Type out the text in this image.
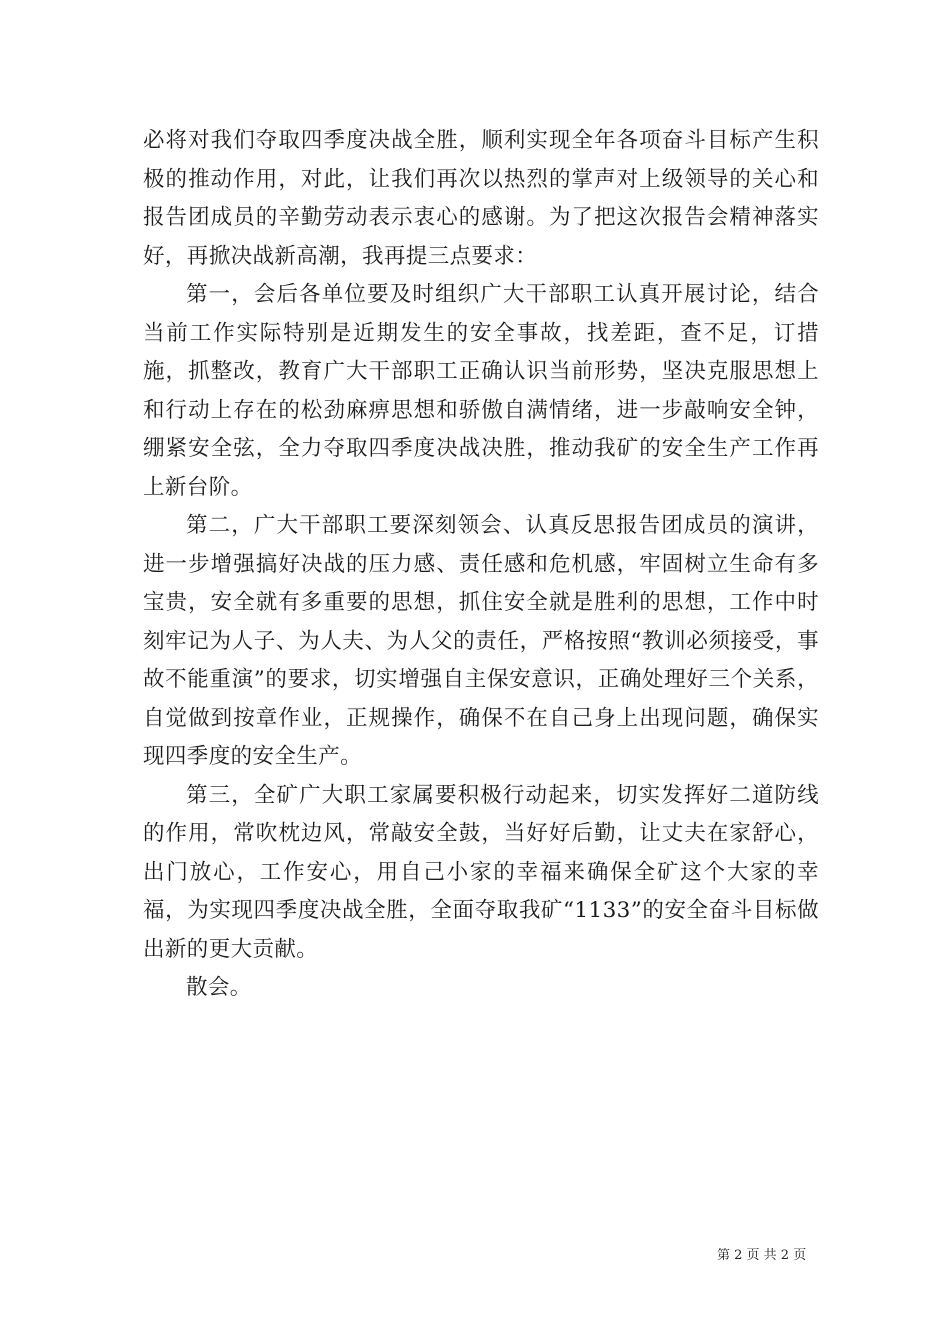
必将对我们夺取四季度决战全胜，顺利实现全年各项奋斗目标产生积极的推动作用，对此，让我们再次以热烈的掌声对上级领导的关心和报告团成员的辛勤劳动表示衷心的感谢。为了把这次报告会精神落实好，再掀决战新高潮，我再提三点要求：

第一，会后各单位要及时组织广大干部职工认真开展讨论，结合当前工作实际特别是近期发生的安全事故，找差距，查不足，订措施，抓整改，教育广大干部职工正确认识当前形势，坚决克服思想上和行动上存在的松劲麻痹思想和骄傲自满情绪，进一步敲响安全钟，绷紧安全弦，全力夺取四季度决战决胜，推动我矿的安全生产工作再上新台阶。

第二，广大干部职工要深刻领会、认真反思报告团成员的演讲，进一步增强搞好决战的压力感、责任感和危机感，牢固树立生命有多宝贵，安全就有多重要的思想，抓住安全就是胜利的思想，工作中时刻牢记为人子、为人夫、为人父的责任，严格按照“教训必须接受，事故不能重演”的要求，切实增强自主保安意识，正确处理好三个关系，自觉做到按章作业，正规操作，确保不在自己身上出现问题，确保实现四季度的安全生产。

第三，全矿广大职工家属要积极行动起来，切实发挥好二道防线的作用，常吹枕边风，常敲安全鼓，当好好后勤，让丈夫在家舒心，出门放心，工作安心，用自己小家的幸福来确保全矿这个大家的幸福，为实现四季度决战全胜，全面夺取我矿“1133”的安全奋斗目标做出新的更大贡献。

散会。

第 2 页 共 2 页
